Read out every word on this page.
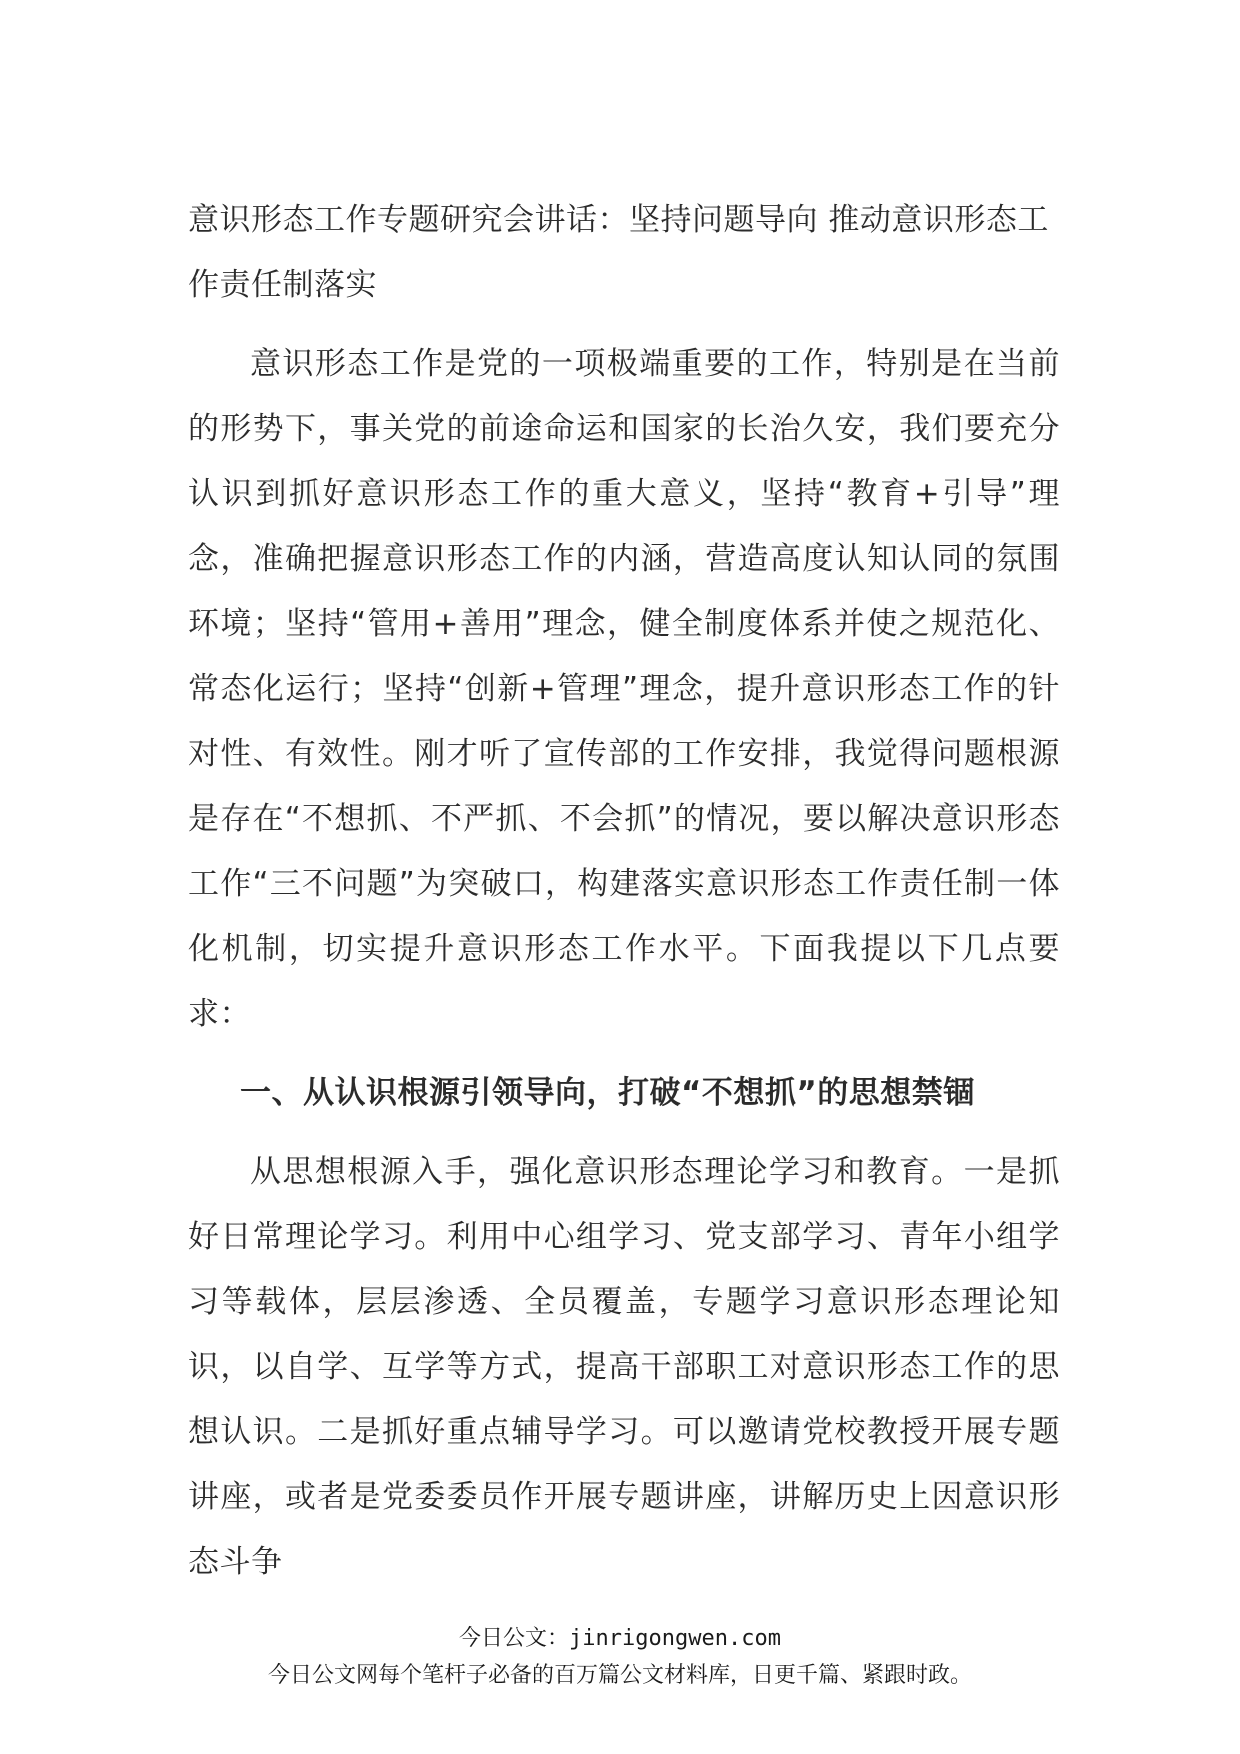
意识形态工作专题研究会讲话：坚持问题导向 推动意识形态工作责任制落实

意识形态工作是党的一项极端重要的工作，特别是在当前的形势下，事关党的前途命运和国家的长治久安，我们要充分认识到抓好意识形态工作的重大意义，坚持“教育+引导”理念，准确把握意识形态工作的内涵，营造高度认知认同的氛围环境；坚持“管用+善用”理念，健全制度体系并使之规范化、常态化运行；坚持“创新+管理”理念，提升意识形态工作的针对性、有效性。刚才听了宣传部的工作安排，我觉得问题根源是存在“不想抓、不严抓、不会抓”的情况，要以解决意识形态工作“三不问题”为突破口，构建落实意识形态工作责任制一体化机制，切实提升意识形态工作水平。下面我提以下几点要求：

一、从认识根源引领导向，打破“不想抓”的思想禁锢

从思想根源入手，强化意识形态理论学习和教育。一是抓好日常理论学习。利用中心组学习、党支部学习、青年小组学习等载体，层层渗透、全员覆盖，专题学习意识形态理论知识，以自学、互学等方式，提高干部职工对意识形态工作的思想认识。二是抓好重点辅导学习。可以邀请党校教授开展专题讲座，或者是党委委员作开展专题讲座，讲解历史上因意识形态斗争

今日公文：jinrigongwen.com
今日公文网每个笔杆子必备的百万篇公文材料库，日更千篇、紧跟时政。
